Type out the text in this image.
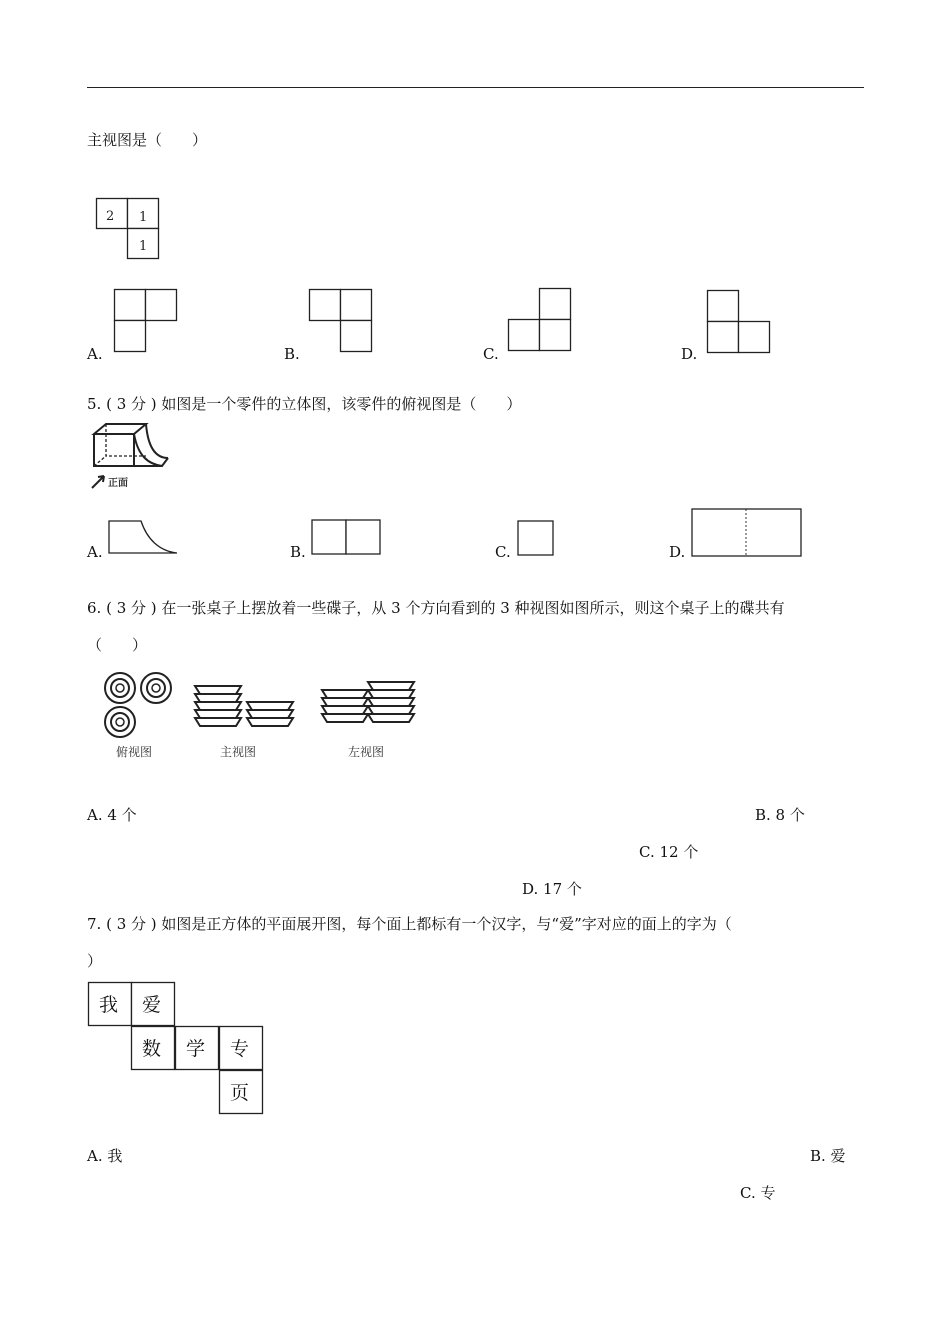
主视图是（　　）
2 1
1
A.	B.	C.	D.
5. ( 3 分 ) 如图是一个零件的立体图，该零件的俯视图是（　　）
正面
A.	B.	C.	D.
6. ( 3 分 ) 在一张桌子上摆放着一些碟子，从 3 个方向看到的 3 种视图如图所示，则这个桌子上的碟共有
（　　）
俯视图	主视图	左视图
A. 4 个	B. 8 个
C. 12 个
D. 17 个
7. ( 3 分 ) 如图是正方体的平面展开图，每个面上都标有一个汉字，与“爱”字对应的面上的字为（
）
我 爱
数 学 专
页
A. 我	B. 爱
C. 专
